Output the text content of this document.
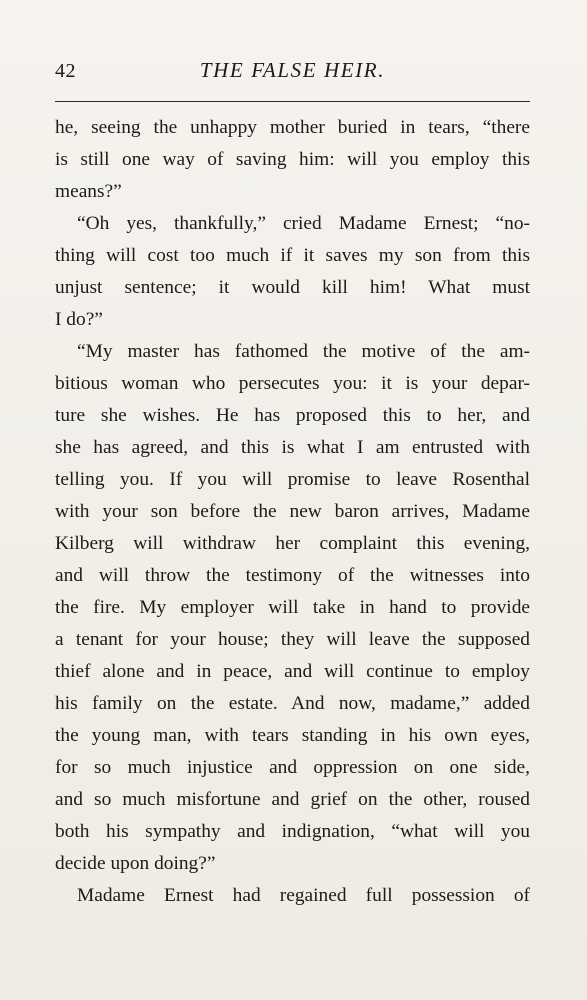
42	THE FALSE HEIR.
he, seeing the unhappy mother buried in tears, “there
is still one way of saving him: will you employ this
means?”
“Oh yes, thankfully,” cried Madame Ernest; “no-
thing will cost too much if it saves my son from this
unjust sentence; it would kill him! What must
I do?”
“My master has fathomed the motive of the am-
bitious woman who persecutes you: it is your depar-
ture she wishes. He has proposed this to her, and
she has agreed, and this is what I am entrusted with
telling you. If you will promise to leave Rosenthal
with your son before the new baron arrives, Madame
Kilberg will withdraw her complaint this evening,
and will throw the testimony of the witnesses into
the fire. My employer will take in hand to provide
a tenant for your house; they will leave the supposed
thief alone and in peace, and will continue to employ
his family on the estate. And now, madame,” added
the young man, with tears standing in his own eyes,
for so much injustice and oppression on one side,
and so much misfortune and grief on the other, roused
both his sympathy and indignation, “what will you
decide upon doing?”
Madame Ernest had regained full possession of
